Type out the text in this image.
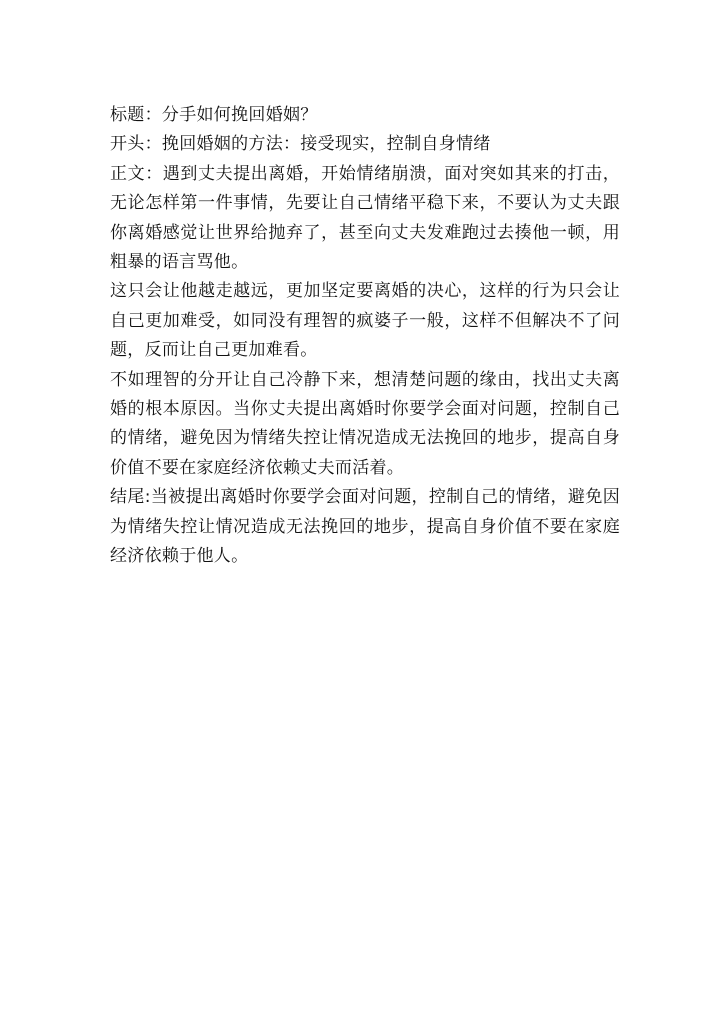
标题：分手如何挽回婚姻？

开头：挽回婚姻的方法：接受现实，控制自身情绪

正文：遇到丈夫提出离婚，开始情绪崩溃，面对突如其来的打击，无论怎样第一件事情，先要让自己情绪平稳下来，不要认为丈夫跟你离婚感觉让世界给抛弃了，甚至向丈夫发难跑过去揍他一顿，用粗暴的语言骂他。

这只会让他越走越远，更加坚定要离婚的决心，这样的行为只会让自己更加难受，如同没有理智的疯婆子一般，这样不但解决不了问题，反而让自己更加难看。

不如理智的分开让自己冷静下来，想清楚问题的缘由，找出丈夫离婚的根本原因。当你丈夫提出离婚时你要学会面对问题，控制自己的情绪，避免因为情绪失控让情况造成无法挽回的地步，提高自身价值不要在家庭经济依赖丈夫而活着。

结尾:当被提出离婚时你要学会面对问题，控制自己的情绪，避免因为情绪失控让情况造成无法挽回的地步，提高自身价值不要在家庭经济依赖于他人。
